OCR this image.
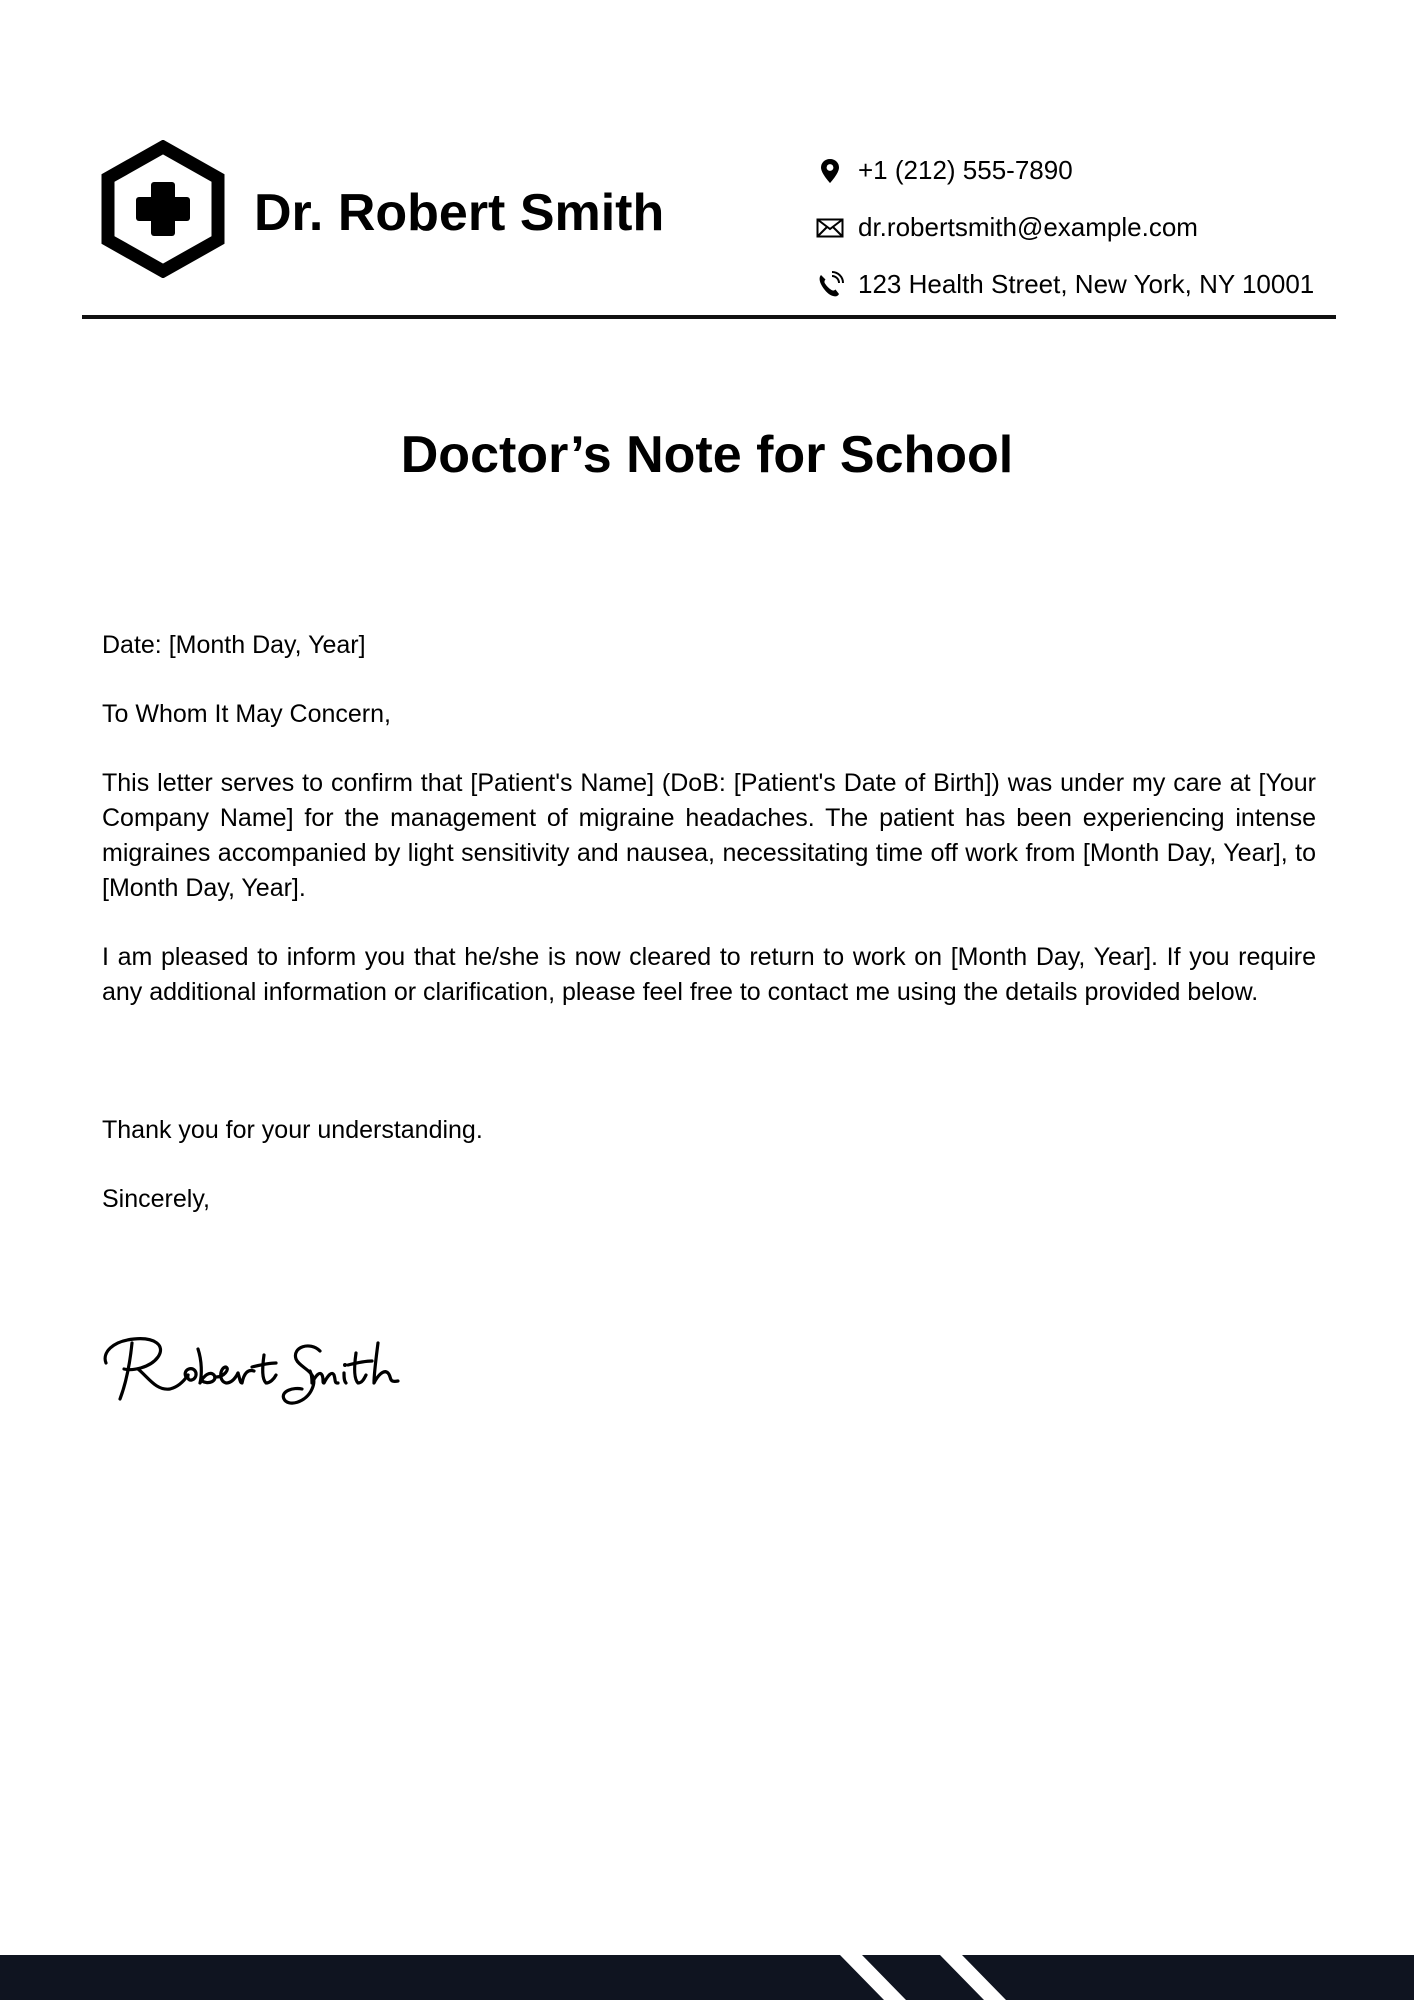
Dr. Robert Smith
+1 (212) 555-7890
dr.robertsmith@example.com
123 Health Street, New York, NY 10001
Doctor’s Note for School

Date: [Month Day, Year]

To Whom It May Concern,

This letter serves to confirm that [Patient's Name] (DoB: [Patient's Date of Birth]) was under my care at [Your Company Name] for the management of migraine headaches. The patient has been experiencing intense migraines accompanied by light sensitivity and nausea, necessitating time off work from [Month Day, Year], to [Month Day, Year].

I am pleased to inform you that he/she is now cleared to return to work on [Month Day, Year]. If you require any additional information or clarification, please feel free to contact me using the details provided below.

Thank you for your understanding.

Sincerely,
